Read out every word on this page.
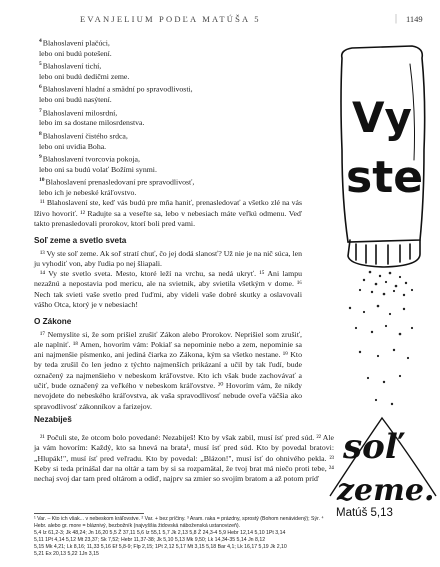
EVANJELIUM PODĽA MATÚŠA 5	| 1149

$^4$Blahoslavení plačúci,
lebo oni budú potešení.

$^5$Blahoslavení tichí,
lebo oni budú dedičmi zeme.

$^6$Blahoslavení hladní a smädní po spravodlivosti,
lebo oni budú nasýtení.

$^7$Blahoslavení milosrdní,
lebo im sa dostane milosrdenstva.

$^8$Blahoslavení čistého srdca,
lebo oni uvidia Boha.

$^9$Blahoslavení tvorcovia pokoja,
lebo oni sa budú volať Božími synmi.

$^{10}$Blahoslavení prenasledovaní pre spravodlivosť,
lebo ich je nebeské kráľovstvo.

¹¹ Blahoslavení ste, keď vás budú pre mňa haniť, prenasledovať a všetko zlé na vás lživo hovoriť. ¹² Radujte sa a veseľte sa, lebo v nebesiach máte veľkú odmenu. Veď takto prenasledovali prorokov, ktorí boli pred vami.

Soľ zeme a svetlo sveta

¹³ Vy ste soľ zeme. Ak soľ stratí chuť, čo jej dodá slanosť? Už nie je na nič súca, len ju vyhodiť von, aby ľudia po nej šliapali.

¹⁴ Vy ste svetlo sveta. Mesto, ktoré leží na vrchu, sa nedá ukryť. ¹⁵ Ani lampu nezažnú a nepostavia pod mericu, ale na svietnik, aby svietila všetkým v dome. ¹⁶ Nech tak svieti vaše svetlo pred ľuďmi, aby videli vaše dobré skutky a oslavovali vášho Otca, ktorý je v nebesiach!

O Zákone

¹⁷ Nemyslite si, že som prišiel zrušiť Zákon alebo Prorokov. Neprišiel som zrušiť, ale naplniť. ¹⁸ Amen, hovorím vám: Pokiaľ sa nepominie nebo a zem, nepominie sa ani najmenšie písmenko, ani jediná čiarka zo Zákona, kým sa všetko nestane. ¹⁹ Kto by teda zrušil čo len jedno z týchto najmenších prikázaní a učil by tak ľudí, bude označený za najmenšieho v nebeskom kráľovstve. Kto ich však bude zachovávať a učiť, bude označený za veľkého v nebeskom kráľovstve. ²⁰ Hovorím vám, že nikdy nevojdete do nebeského kráľovstva, ak vaša spravodlivosť nebude oveľa väčšia ako spravodlivosť zákonníkov a farizejov.

Nezabiješ

²¹ Počuli ste, že otcom bolo povedané: Nezabiješ! Kto by však zabil, musí ísť pred súd. ²² Ale ja vám hovorím: Každý, kto sa hnevá na brata¹, musí ísť pred súd. Kto by povedal bratovi: „Hlupák!", musí ísť pred veľradu. Kto by povedal: „Blázon!", musí ísť do ohnivého pekla. ²³ Keby si teda prinášal dar na oltár a tam by si sa rozpamätal, že tvoj brat má niečo proti tebe, ²⁴ nechaj svoj dar tam pred oltárom a odíď, najprv sa zmier so svojím bratom a až potom príď

¹ Var. – Kto ich však... v nebeskom kráľovstve. ² Var. + bez príčiny. ³ Aram. raka = prázdny, sprostý (Bohom nenávidený); Sýr. ⁴ Hebr. alebo gr. more = bláznivý, bezbožník (najvyššia židovská náboženská ustanovizeň).

5,4 Iz 61,2-3; Jk 48,24; Jn 16,20 5,5 Ž 37,11 5,6 Iz 55,1 5,7 Jk 2,13 5,8 Ž 24,3-4 5,9 Hebr 12,14 5,10 1Pt 3,14

5,11 1Pt 4,14 5,12 Mt 23,37; Sk 7,52; Hebr 11,37-38; Jk 5,10 5,13 Mk 9,50; Lk 14,34-35 5,14 Jn 8,12

5,15 Mk 4,21; Lk 8,16; 11,33 5,16 Ef 5,8-9; Flp 2,15; 1Pt 2,12 5,17 Mt 3,15 5,18 Bar 4,1; Lk 16,17 5,19 Jk 2,10

5,21 Ex 20,13 5,22 1Jn 3,15

Vy
ste
soľ
zeme.
Matúš 5,13
